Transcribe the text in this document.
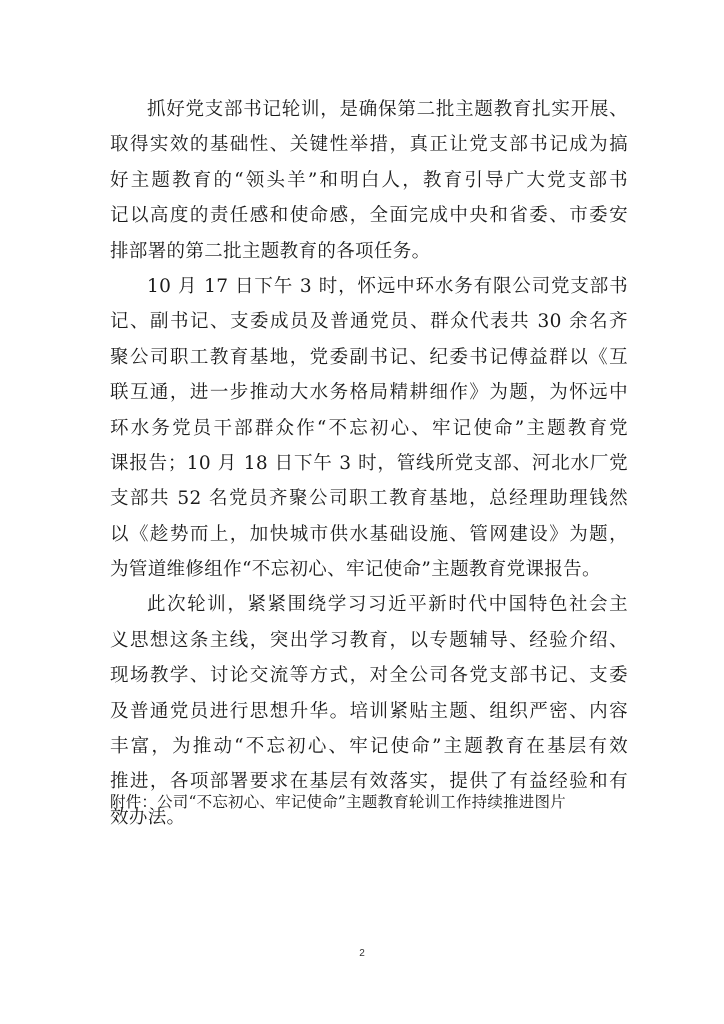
抓好党支部书记轮训，是确保第二批主题教育扎实开展、
取得实效的基础性、关键性举措，真正让党支部书记成为搞
好主题教育的“领头羊”和明白人，教育引导广大党支部书
记以高度的责任感和使命感，全面完成中央和省委、市委安
排部署的第二批主题教育的各项任务。

10 月 17 日下午 3 时，怀远中环水务有限公司党支部书
记、副书记、支委成员及普通党员、群众代表共 30 余名齐
聚公司职工教育基地，党委副书记、纪委书记傅益群以《互
联互通，进一步推动大水务格局精耕细作》为题，为怀远中
环水务党员干部群众作“不忘初心、牢记使命”主题教育党
课报告；10 月 18 日下午 3 时，管线所党支部、河北水厂党
支部共 52 名党员齐聚公司职工教育基地，总经理助理钱然
以《趁势而上，加快城市供水基础设施、管网建设》为题，
为管道维修组作“不忘初心、牢记使命”主题教育党课报告。

此次轮训，紧紧围绕学习习近平新时代中国特色社会主
义思想这条主线，突出学习教育，以专题辅导、经验介绍、
现场教学、讨论交流等方式，对全公司各党支部书记、支委
及普通党员进行思想升华。培训紧贴主题、组织严密、内容
丰富，为推动“不忘初心、牢记使命”主题教育在基层有效
推进，各项部署要求在基层有效落实，提供了有益经验和有
效办法。

附件：公司“不忘初心、牢记使命”主题教育轮训工作持续推进图片
2
